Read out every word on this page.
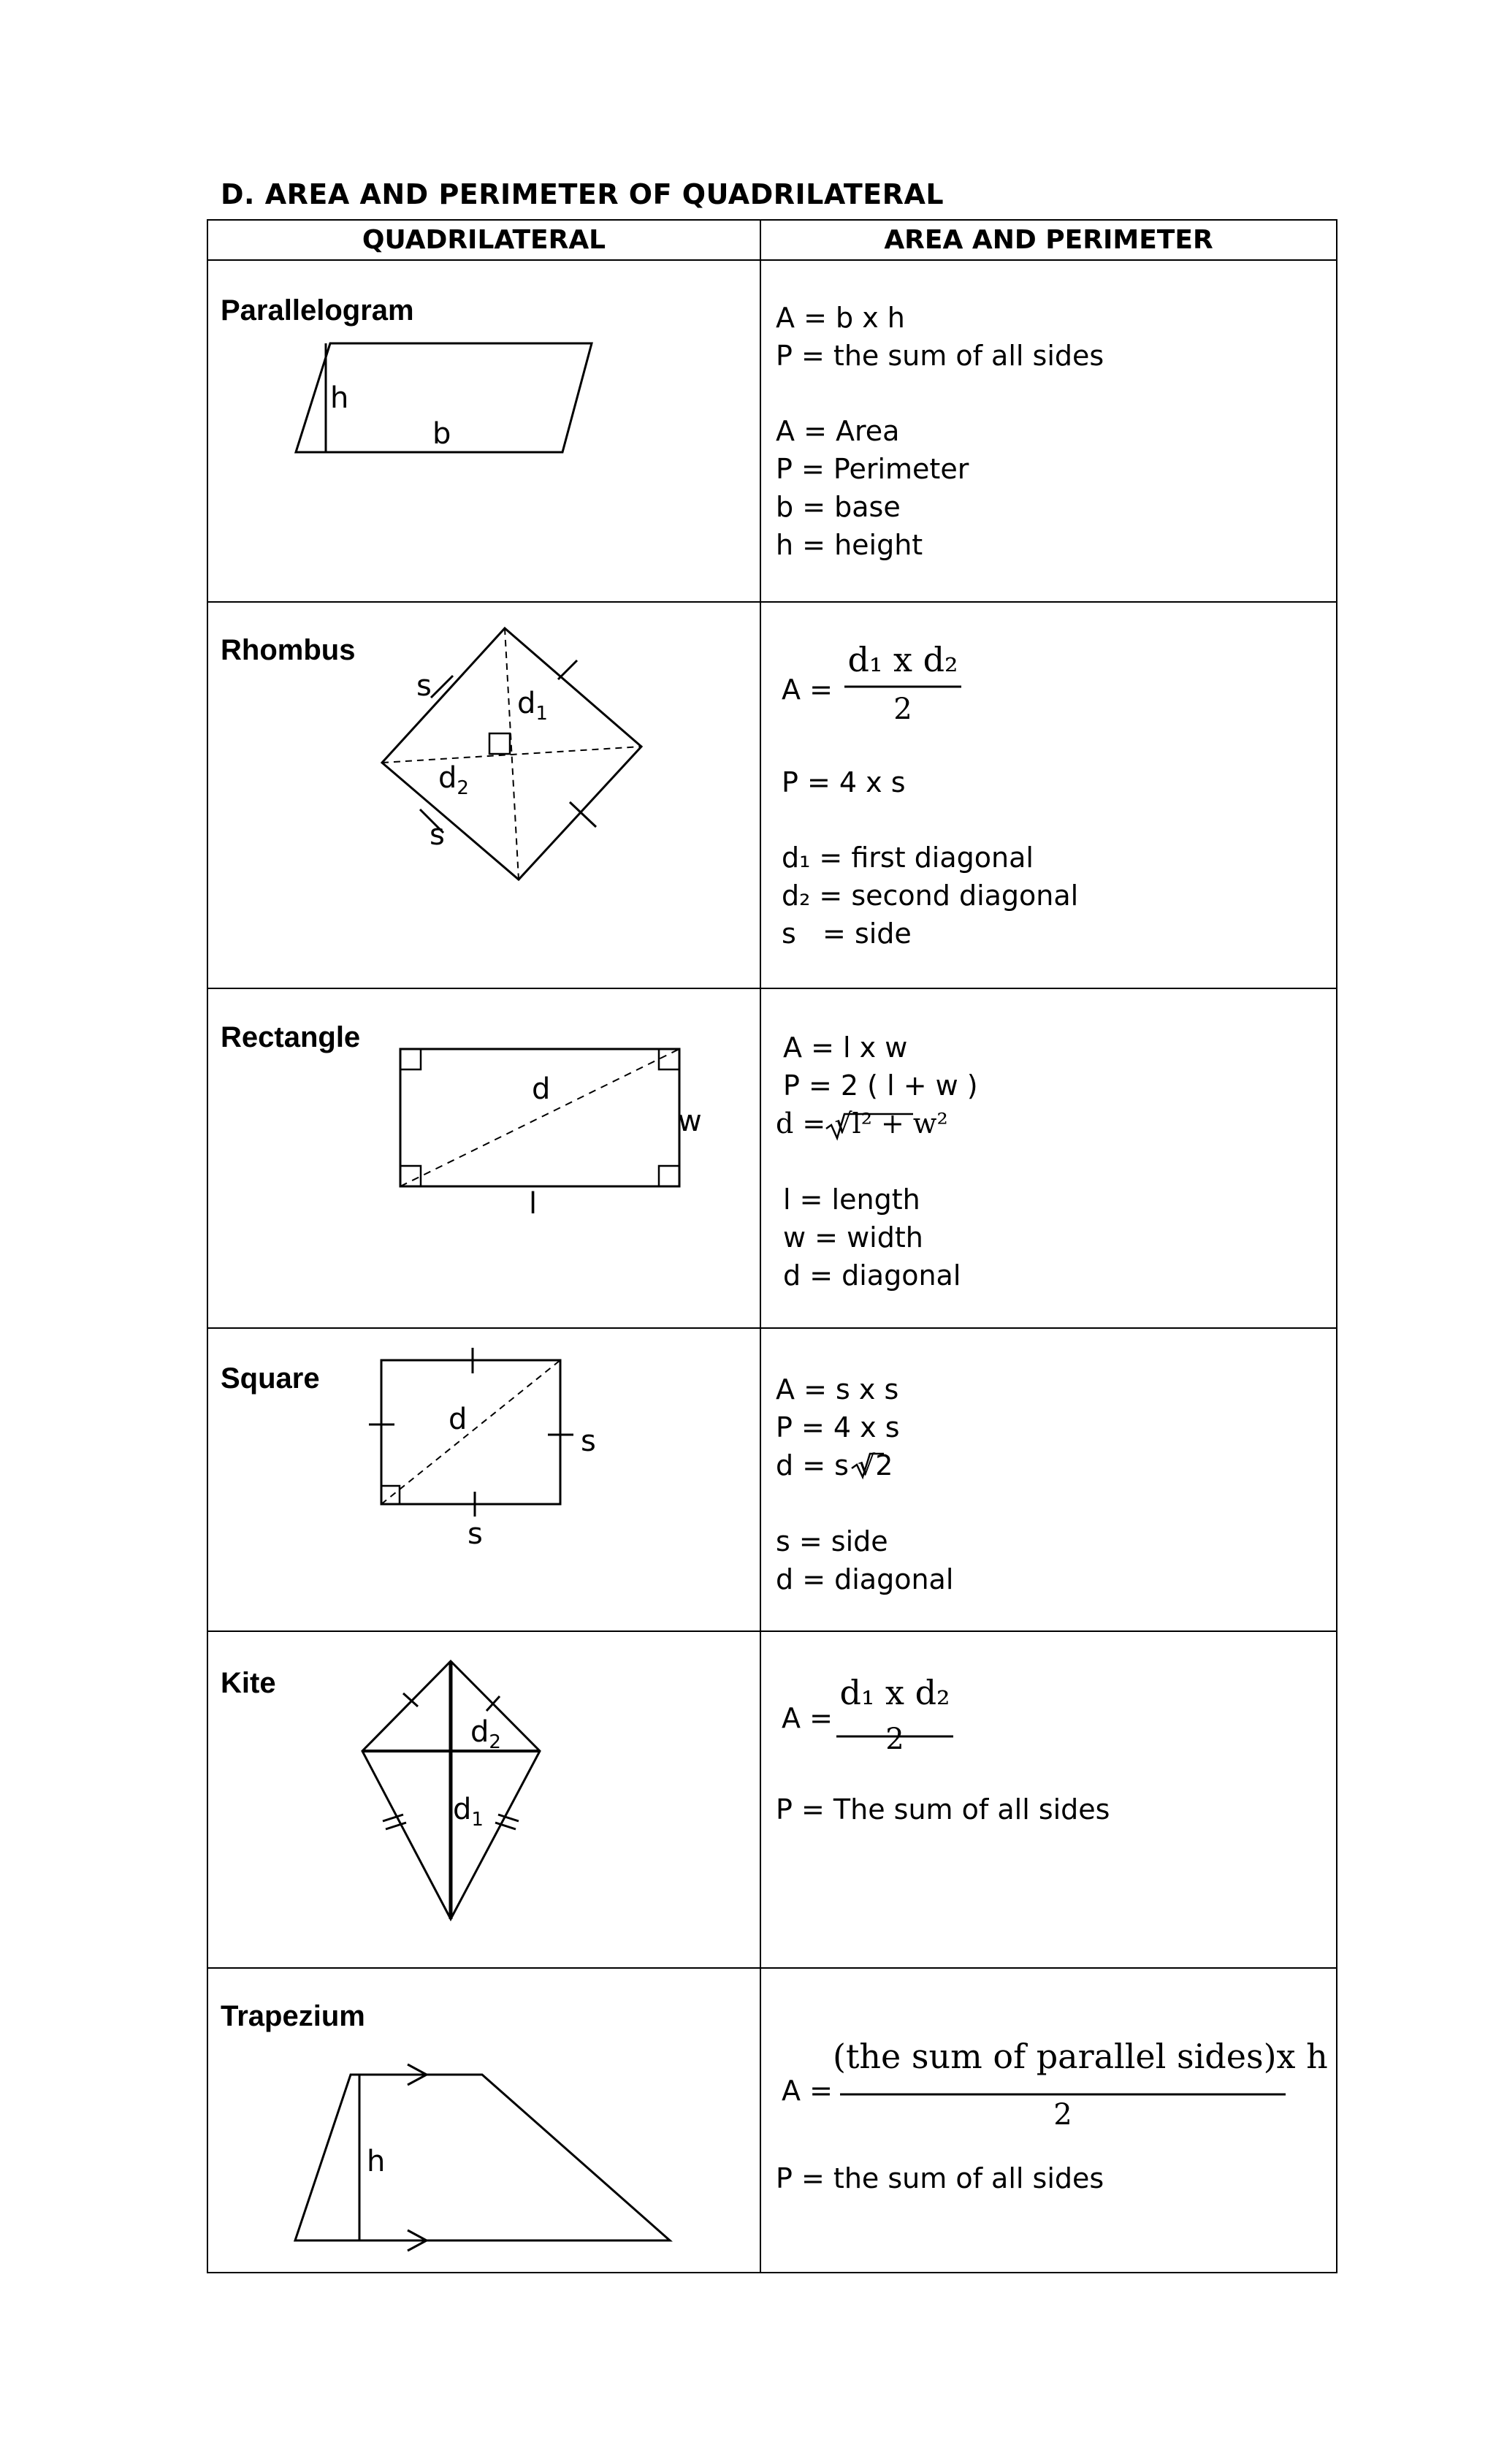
D. AREA AND PERIMETER OF QUADRILATERAL
QUADRILATERAL	AREA AND PERIMETER
Parallelogram
Rhombus
Rectangle
Square
Kite
Trapezium
h
b
s
$d_1$
$d_2$
s
d
w
l
d
s
s
$d_2$
$d_1$
h
A = b x h
P = the sum of all sides
A = Area
P = Perimeter
b = base
h = height
A =
d₁ x d₂
2
P = 4 x s
d₁ = first diagonal
d₂ = second diagonal
s   = side
A = l x w
P = 2 ( l + w )
d = √l² + w²
l = length
w = width
d = diagonal
A = s x s
P = 4 x s
d = s √2
s = side
d = diagonal
A =
d₁ x d₂
2
P = The sum of all sides
A =
(the sum of parallel sides)x h
2
P = the sum of all sides
